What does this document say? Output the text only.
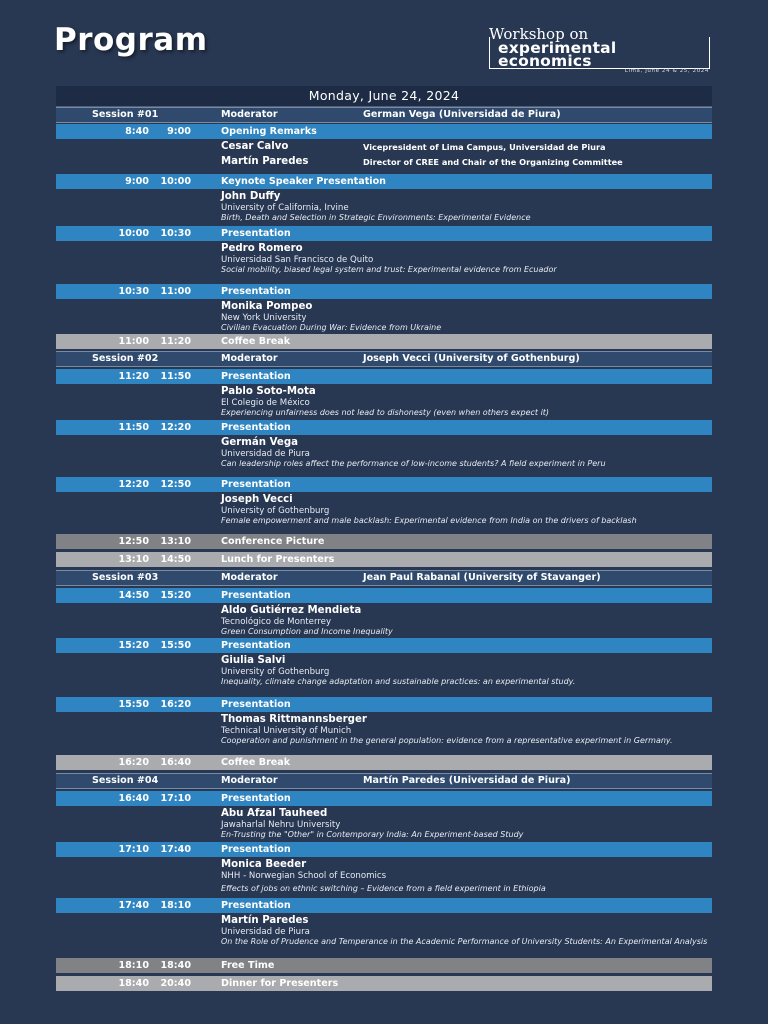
Program	Workshop on
experimental
economics
Lima, June 24 & 25, 2024
Monday, June 24, 2024
Session #01	Moderator	German Vega (Universidad de Piura)
8:40	9:00	Opening Remarks
Cesar Calvo	Vicepresident of Lima Campus, Universidad de Piura
Martín Paredes	Director of CREE and Chair of the Organizing Committee
9:00	10:00	Keynote Speaker Presentation
John Duffy
University of California, Irvine
Birth, Death and Selection in Strategic Environments: Experimental Evidence
10:00	10:30	Presentation
Pedro Romero
Universidad San Francisco de Quito
Social mobility, biased legal system and trust: Experimental evidence from Ecuador
10:30	11:00	Presentation
Monika Pompeo
New York University
Civilian Evacuation During War: Evidence from Ukraine
11:00	11:20	Coffee Break
Session #02	Moderator	Joseph Vecci (University of Gothenburg)
11:20	11:50	Presentation
Pablo Soto-Mota
El Colegio de México
Experiencing unfairness does not lead to dishonesty (even when others expect it)
11:50	12:20	Presentation
Germán Vega
Universidad de Piura
Can leadership roles affect the performance of low-income students? A field experiment in Peru
12:20	12:50	Presentation
Joseph Vecci
University of Gothenburg
Female empowerment and male backlash: Experimental evidence from India on the drivers of backlash
12:50	13:10	Conference Picture
13:10	14:50	Lunch for Presenters
Session #03	Moderator	Jean Paul Rabanal (University of Stavanger)
14:50	15:20	Presentation
Aldo Gutiérrez Mendieta
Tecnológico de Monterrey
Green Consumption and Income Inequality
15:20	15:50	Presentation
Giulia Salvi
University of Gothenburg
Inequality, climate change adaptation and sustainable practices: an experimental study.
15:50	16:20	Presentation
Thomas Rittmannsberger
Technical University of Munich
Cooperation and punishment in the general population: evidence from a representative experiment in Germany.
16:20	16:40	Coffee Break
Session #04	Moderator	Martín Paredes (Universidad de Piura)
16:40	17:10	Presentation
Abu Afzal Tauheed
Jawaharlal Nehru University
En-Trusting the "Other" in Contemporary India: An Experiment-based Study
17:10	17:40	Presentation
Monica Beeder
NHH - Norwegian School of Economics
Effects of jobs on ethnic switching – Evidence from a field experiment in Ethiopia
17:40	18:10	Presentation
Martín Paredes
Universidad de Piura
On the Role of Prudence and Temperance in the Academic Performance of University Students: An Experimental Analysis
18:10	18:40	Free Time
18:40	20:40	Dinner for Presenters
